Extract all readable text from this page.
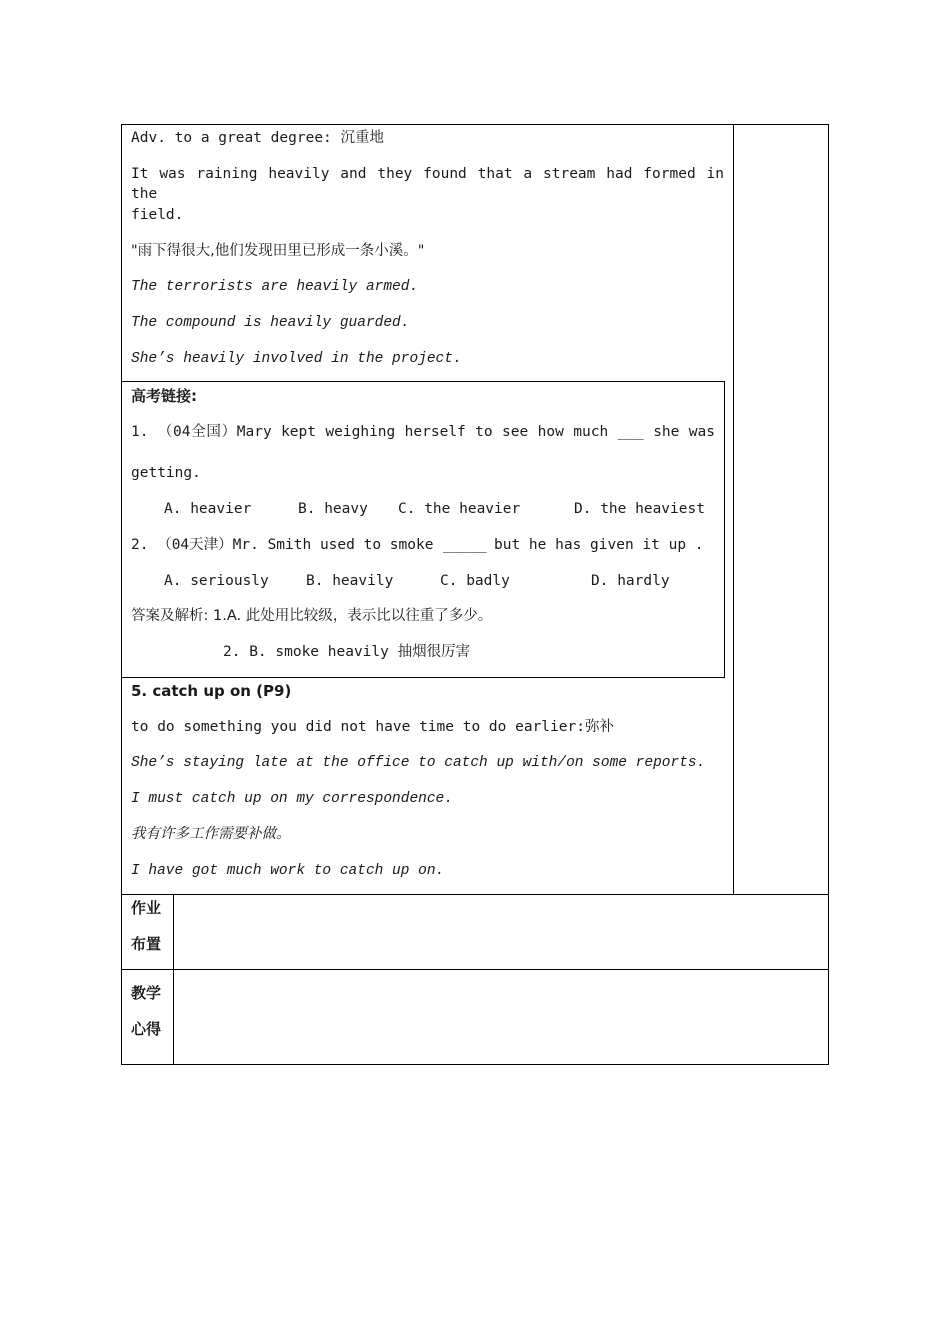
Adv. to a great degree: 沉重地
It was raining heavily and they found that a stream had formed in the
field.
"雨下得很大,他们发现田里已形成一条小溪。"
The terrorists are heavily armed.
The compound is heavily guarded.
She’s heavily involved in the project.
高考链接:
1. （04全国）Mary kept weighing herself to see how much ___ she was
getting.
A. heavier	B. heavy C. the heavier	D. the heaviest
2. （04天津）Mr. Smith used to smoke _____ but he has given it up .
A. seriously	B. heavily	C. badly	D. hardly
答案及解析: 1.A. 此处用比较级，表示比以往重了多少。
2. B. smoke heavily 抽烟很厉害
5. catch up on (P9)
to do something you did not have time to do earlier:弥补
She’s staying late at the office to catch up with/on some reports.
I must catch up on my correspondence.
我有许多工作需要补做。
I have got much work to catch up on.
作业
布置
教学
心得
